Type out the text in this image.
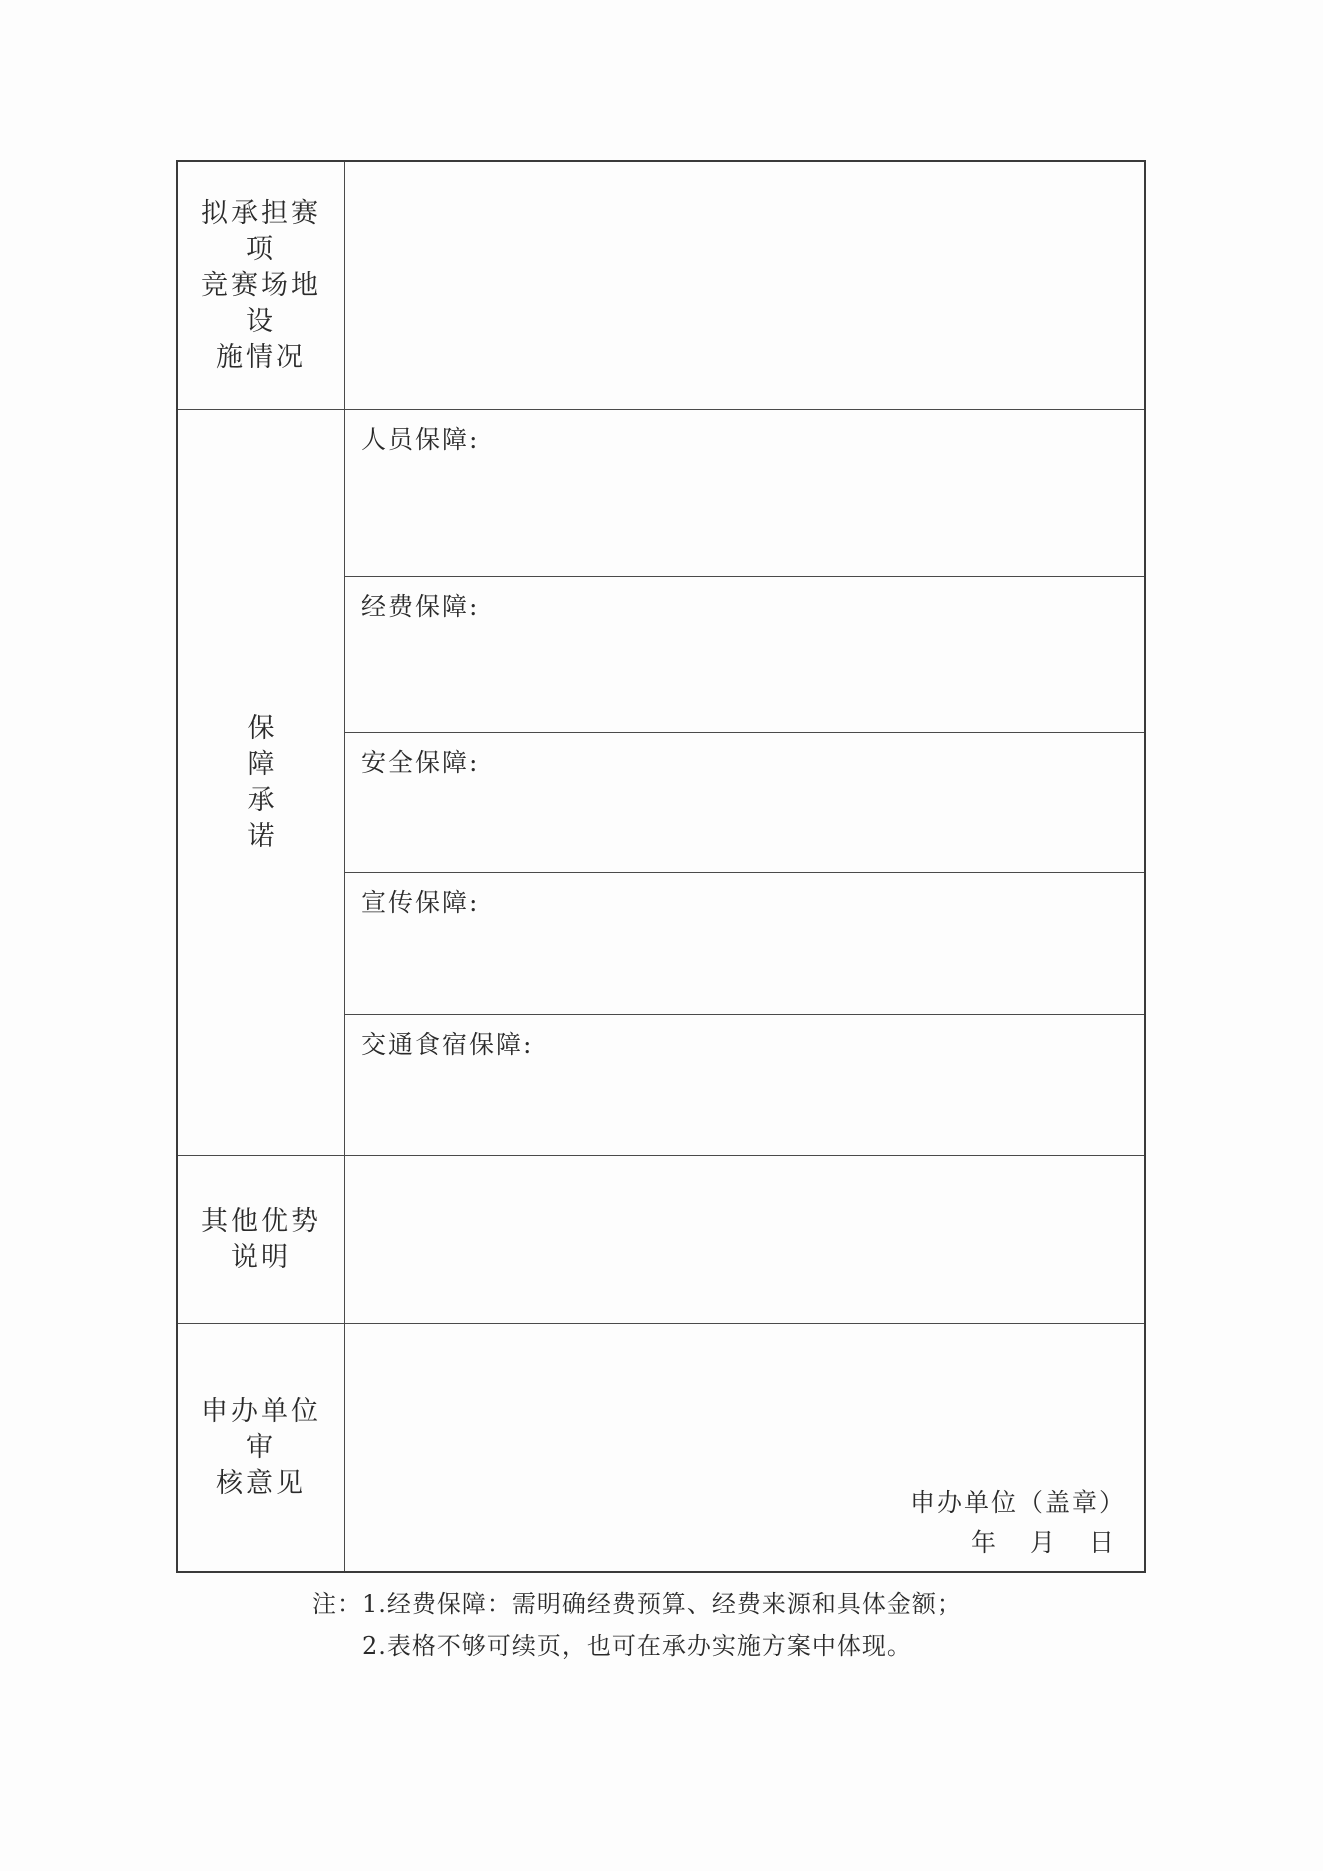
拟承担赛项
竞赛场地设
施情况
保
障
承
诺
人员保障:
经费保障:
安全保障:
宣传保障:
交通食宿保障:
其他优势
说明
申办单位审
核意见
申办单位（盖章）
年 月 日
注：1.经费保障：需明确经费预算、经费来源和具体金额；
2.表格不够可续页，也可在承办实施方案中体现。
